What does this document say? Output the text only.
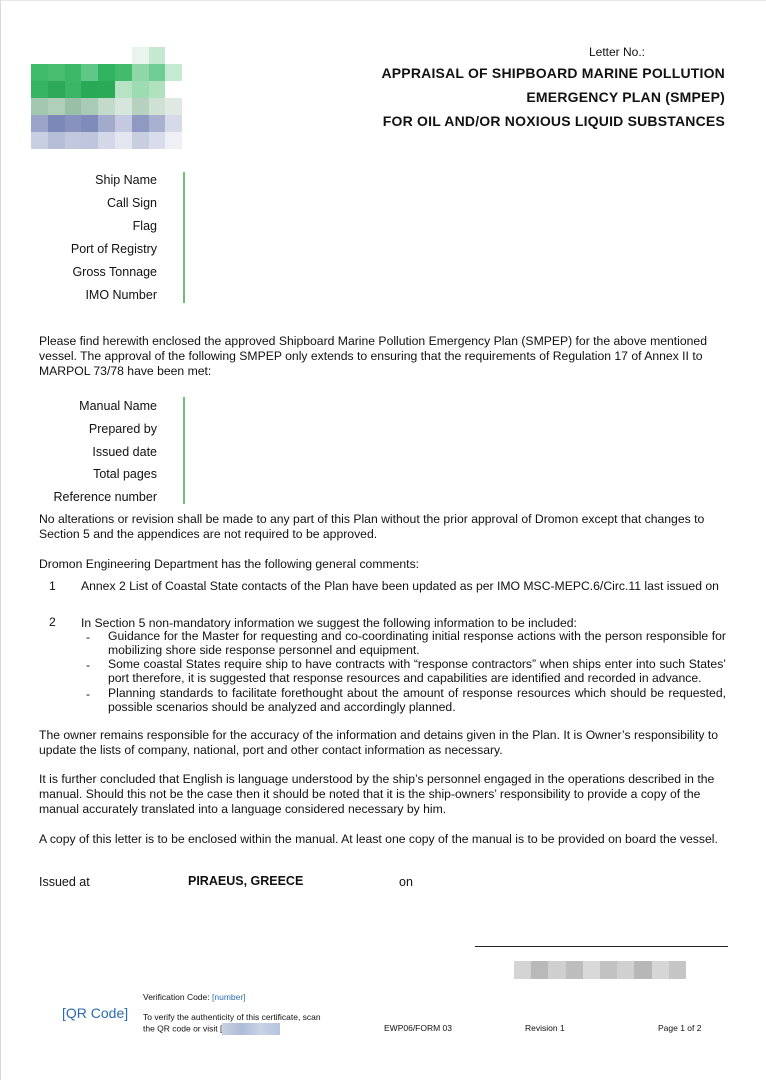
Letter No.:
APPRAISAL OF SHIPBOARD MARINE POLLUTION
EMERGENCY PLAN (SMPEP)
FOR OIL AND/OR NOXIOUS LIQUID SUBSTANCES
Ship Name
Call Sign
Flag
Port of Registry
Gross Tonnage
IMO Number
Please find herewith enclosed the approved Shipboard Marine Pollution Emergency Plan (SMPEP) for the above mentioned vessel. The approval of the following SMPEP only extends to ensuring that the requirements of Regulation 17 of Annex II to MARPOL 73/78 have been met:
Manual Name
Prepared by
Issued date
Total pages
Reference number
No alterations or revision shall be made to any part of this Plan without the prior approval of Dromon except that changes to Section 5 and the appendices are not required to be approved.
Dromon Engineering Department has the following general comments:
1 Annex 2 List of Coastal State contacts of the Plan have been updated as per IMO MSC-MEPC.6/Circ.11 last issued on
2 In Section 5 non-mandatory information we suggest the following information to be included:
- Guidance for the Master for requesting and co-coordinating initial response actions with the person responsible for mobilizing shore side response personnel and equipment.
- Some coastal States require ship to have contracts with “response contractors” when ships enter into such States’ port therefore, it is suggested that response resources and capabilities are identified and recorded in advance.
- Planning standards to facilitate forethought about the amount of response resources which should be requested, possible scenarios should be analyzed and accordingly planned.
The owner remains responsible for the accuracy of the information and detains given in the Plan. It is Owner’s responsibility to update the lists of company, national, port and other contact information as necessary.
It is further concluded that English is language understood by the ship’s personnel engaged in the operations described in the manual. Should this not be the case then it should be noted that it is the ship-owners’ responsibility to provide a copy of the manual accurately translated into a language considered necessary by him.
A copy of this letter is to be enclosed within the manual. At least one copy of the manual is to be provided on board the vessel.
Issued at	PIRAEUS, GREECE	on
[QR Code]
Verification Code: [number]
To verify the authenticity of this certificate, scan
the QR code or visit [	EWP06/FORM 03	Revision 1	Page 1 of 2
